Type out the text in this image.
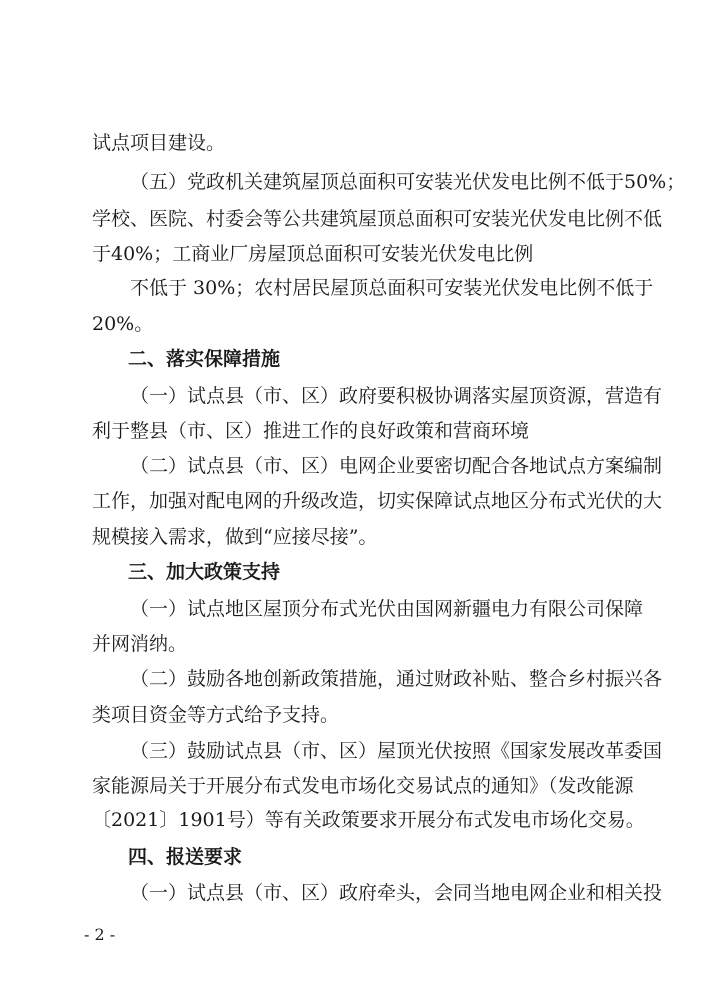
试点项目建设。
（五）党政机关建筑屋顶总面积可安装光伏发电比例不低于50%；
学校、医院、村委会等公共建筑屋顶总面积可安装光伏发电比例不低
于40%；工商业厂房屋顶总面积可安装光伏发电比例
不低于 30%；农村居民屋顶总面积可安装光伏发电比例不低于
20%。
二、落实保障措施
（一）试点县（市、区）政府要积极协调落实屋顶资源，营造有
利于整县（市、区）推进工作的良好政策和营商环境
（二）试点县（市、区）电网企业要密切配合各地试点方案编制
工作，加强对配电网的升级改造，切实保障试点地区分布式光伏的大
规模接入需求，做到“应接尽接”。
三、加大政策支持
（一）试点地区屋顶分布式光伏由国网新疆电力有限公司保障
并网消纳。
（二）鼓励各地创新政策措施，通过财政补贴、整合乡村振兴各
类项目资金等方式给予支持。
（三）鼓励试点县（市、区）屋顶光伏按照《国家发展改革委国
家能源局关于开展分布式发电市场化交易试点的通知》（发改能源
〔2021〕1901号）等有关政策要求开展分布式发电市场化交易。
四、报送要求
（一）试点县（市、区）政府牵头，会同当地电网企业和相关投
- 2 -
